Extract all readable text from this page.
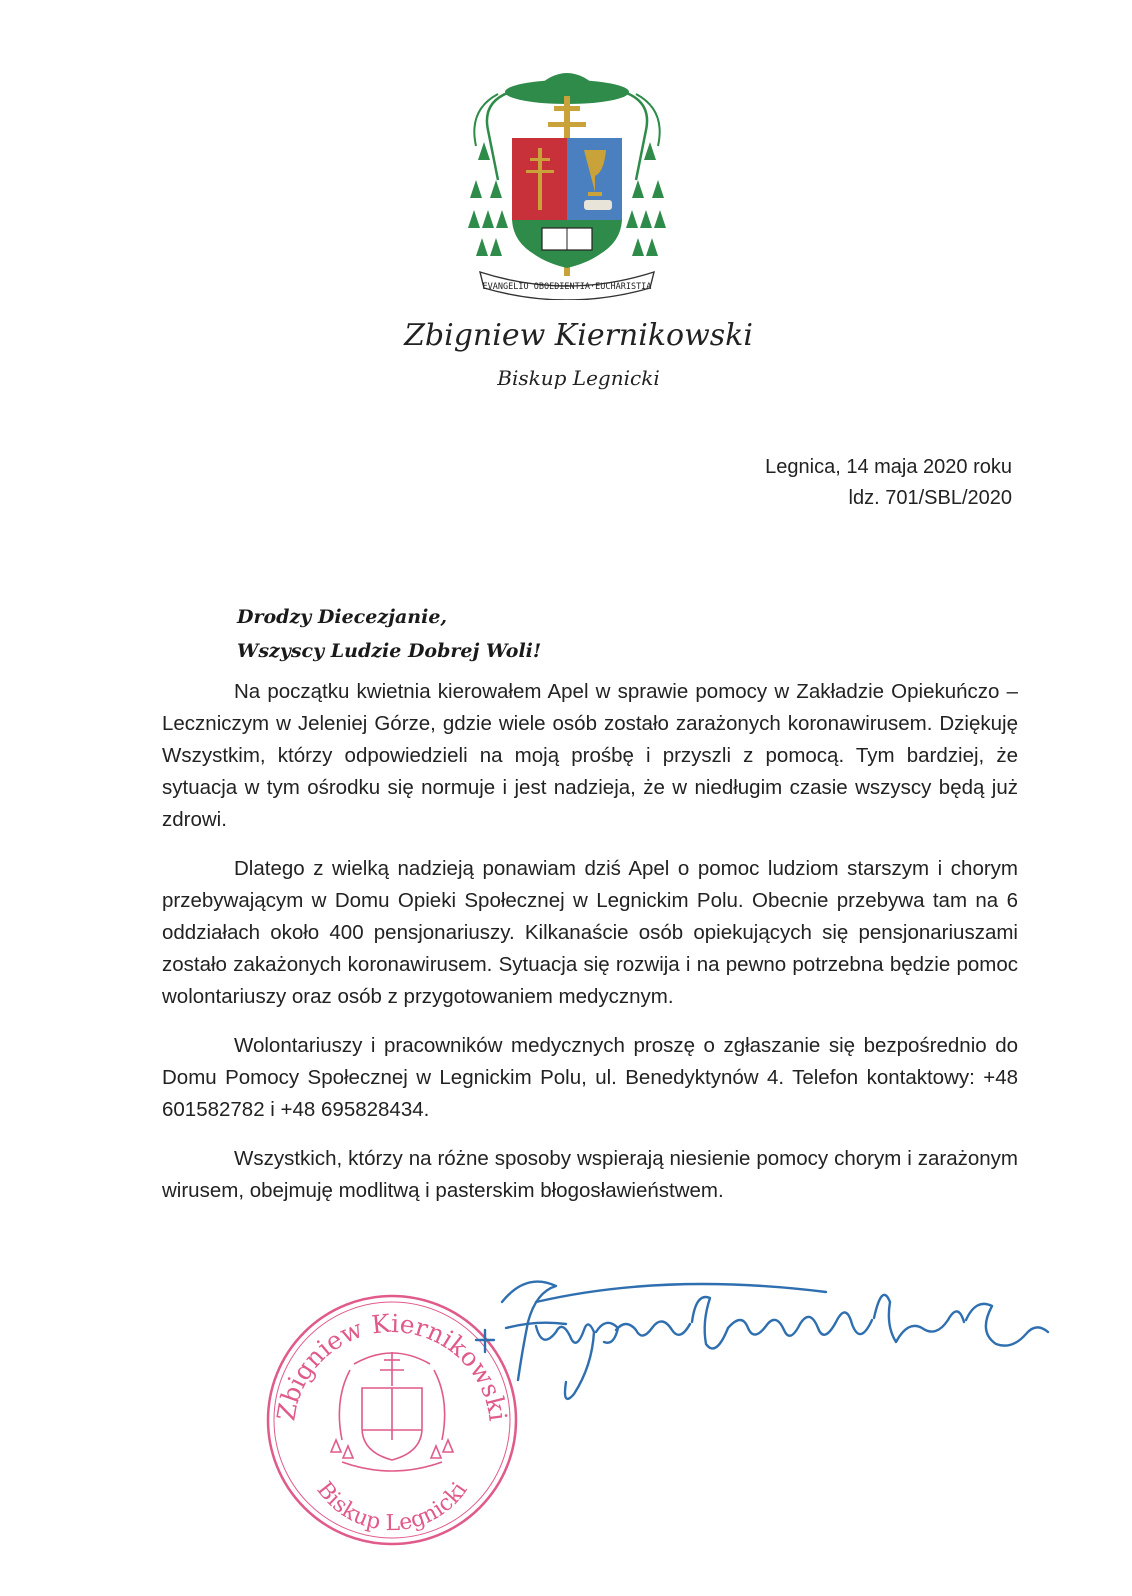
EVANGELIO OBOEDIENTIA·EUCHARISTIA
Zbigniew Kiernikowski
Biskup Legnicki
Legnica, 14 maja 2020 roku
ldz. 701/SBL/2020
Drodzy Diecezjanie,
Wszyscy Ludzie Dobrej Woli!

Na początku kwietnia kierowałem Apel w sprawie pomocy w Zakładzie Opiekuńczo – Leczniczym w Jeleniej Górze, gdzie wiele osób zostało zarażonych koronawirusem. Dziękuję Wszystkim, którzy odpowiedzieli na moją prośbę i przyszli z pomocą. Tym bardziej, że sytuacja w tym ośrodku się normuje i jest nadzieja, że w niedługim czasie wszyscy będą już zdrowi.

Dlatego z wielką nadzieją ponawiam dziś Apel o pomoc ludziom starszym i chorym przebywającym w Domu Opieki Społecznej w Legnickim Polu. Obecnie przebywa tam na 6 oddziałach około 400 pensjonariuszy. Kilkanaście osób opiekujących się pensjonariuszami zostało zakażonych koronawirusem. Sytuacja się rozwija i na pewno potrzebna będzie pomoc wolontariuszy oraz osób z przygotowaniem medycznym.

Wolontariuszy i pracowników medycznych proszę o zgłaszanie się bezpośrednio do Domu Pomocy Społecznej w Legnickim Polu, ul. Benedyktynów 4. Telefon kontaktowy: +48 601582782 i +48 695828434.

Wszystkich, którzy na różne sposoby wspierają niesienie pomocy chorym i zarażonym wirusem, obejmuję modlitwą i pasterskim błogosławieństwem.

Zbigniew Kiernikowski
Biskup Legnicki
